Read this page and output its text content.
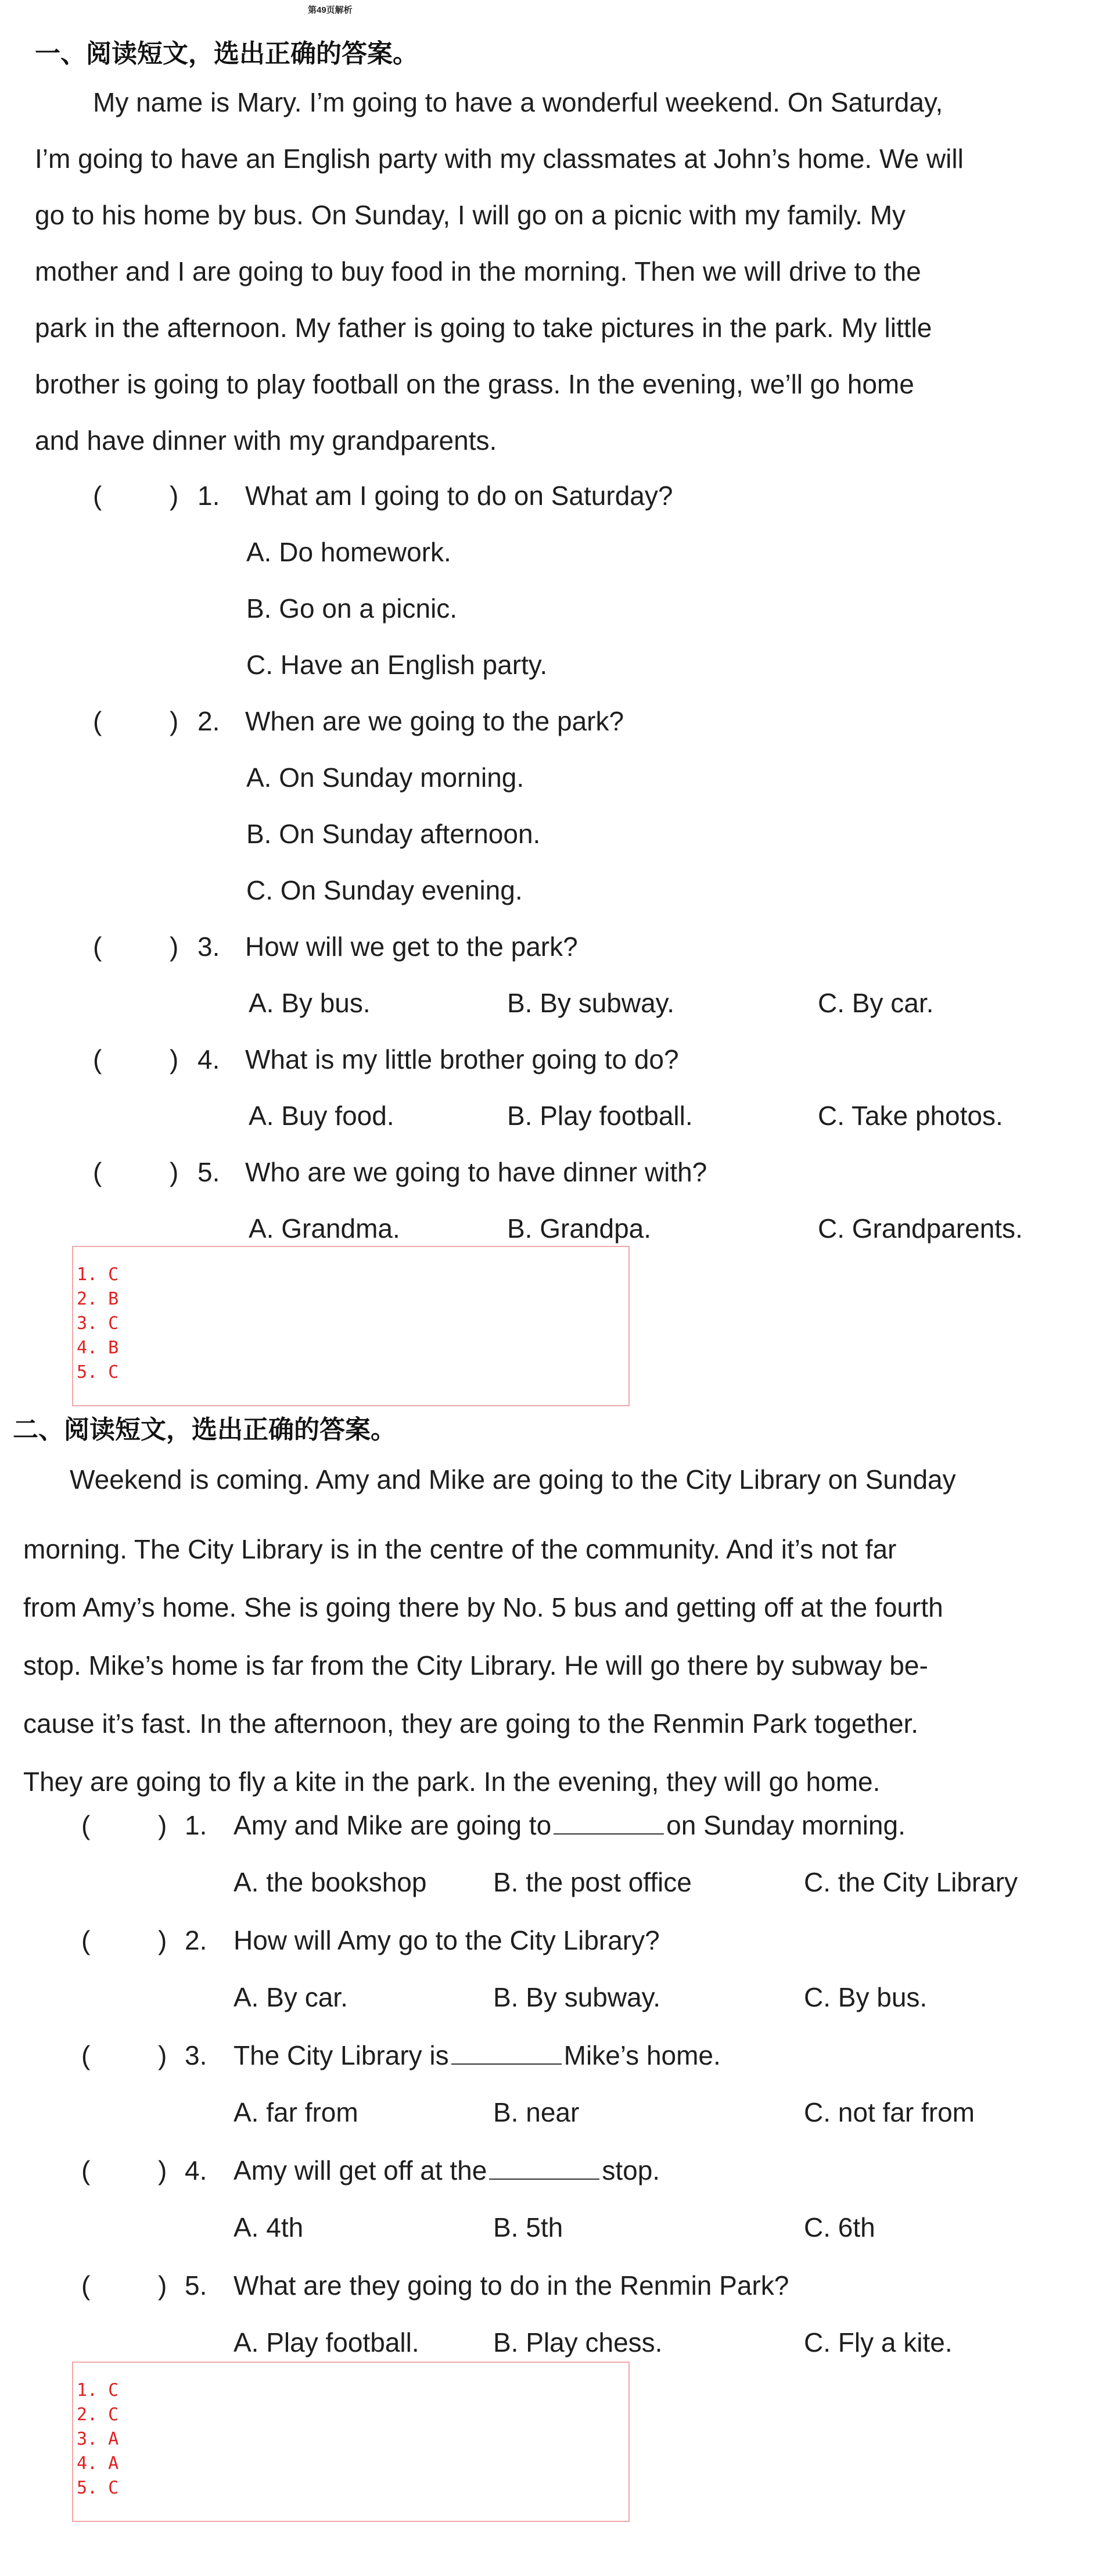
第49页解析
一、阅读短文，选出正确的答案。
My name is Mary. I’m going to have a wonderful weekend. On Saturday,
I’m going to have an English party with my classmates at John’s home. We will
go to his home by bus. On Sunday, I will go on a picnic with my family. My
mother and I are going to buy food in the morning. Then we will drive to the
park in the afternoon. My father is going to take pictures in the park. My little
brother is going to play football on the grass. In the evening, we’ll go home
and have dinner with my grandparents.
(	) 1. What am I going to do on Saturday?
A. Do homework.
B. Go on a picnic.
C. Have an English party.
(	) 2. When are we going to the park?
A. On Sunday morning.
B. On Sunday afternoon.
C. On Sunday evening.
(	) 3. How will we get to the park?
A. By bus.	B. By subway.	C. By car.
(	) 4. What is my little brother going to do?
A. Buy food.	B. Play football.	C. Take photos.
(	) 5. Who are we going to have dinner with?
A. Grandma.	B. Grandpa.	C. Grandparents.
1. C
2. B
3. C
4. B
5. C
二、阅读短文，选出正确的答案。
Weekend is coming. Amy and Mike are going to the City Library on Sunday
morning. The City Library is in the centre of the community. And it’s not far
from Amy’s home. She is going there by No. 5 bus and getting off at the fourth
stop. Mike’s home is far from the City Library. He will go there by subway be-
cause it’s fast. In the afternoon, they are going to the Renmin Park together.
They are going to fly a kite in the park. In the evening, they will go home.
(	) 1. Amy and Mike are going to	on Sunday morning.
A. the bookshop B. the post office	C. the City Library
(	) 2. How will Amy go to the City Library?
A. By car.	B. By subway.	C. By bus.
(	) 3. The City Library is	Mike’s home.
A. far from	B. near	C. not far from
(	) 4. Amy will get off at the	stop.
A. 4th	B. 5th	C. 6th
(	) 5. What are they going to do in the Renmin Park?
A. Play football.	B. Play chess.	C. Fly a kite.
1. C
2. C
3. A
4. A
5. C
